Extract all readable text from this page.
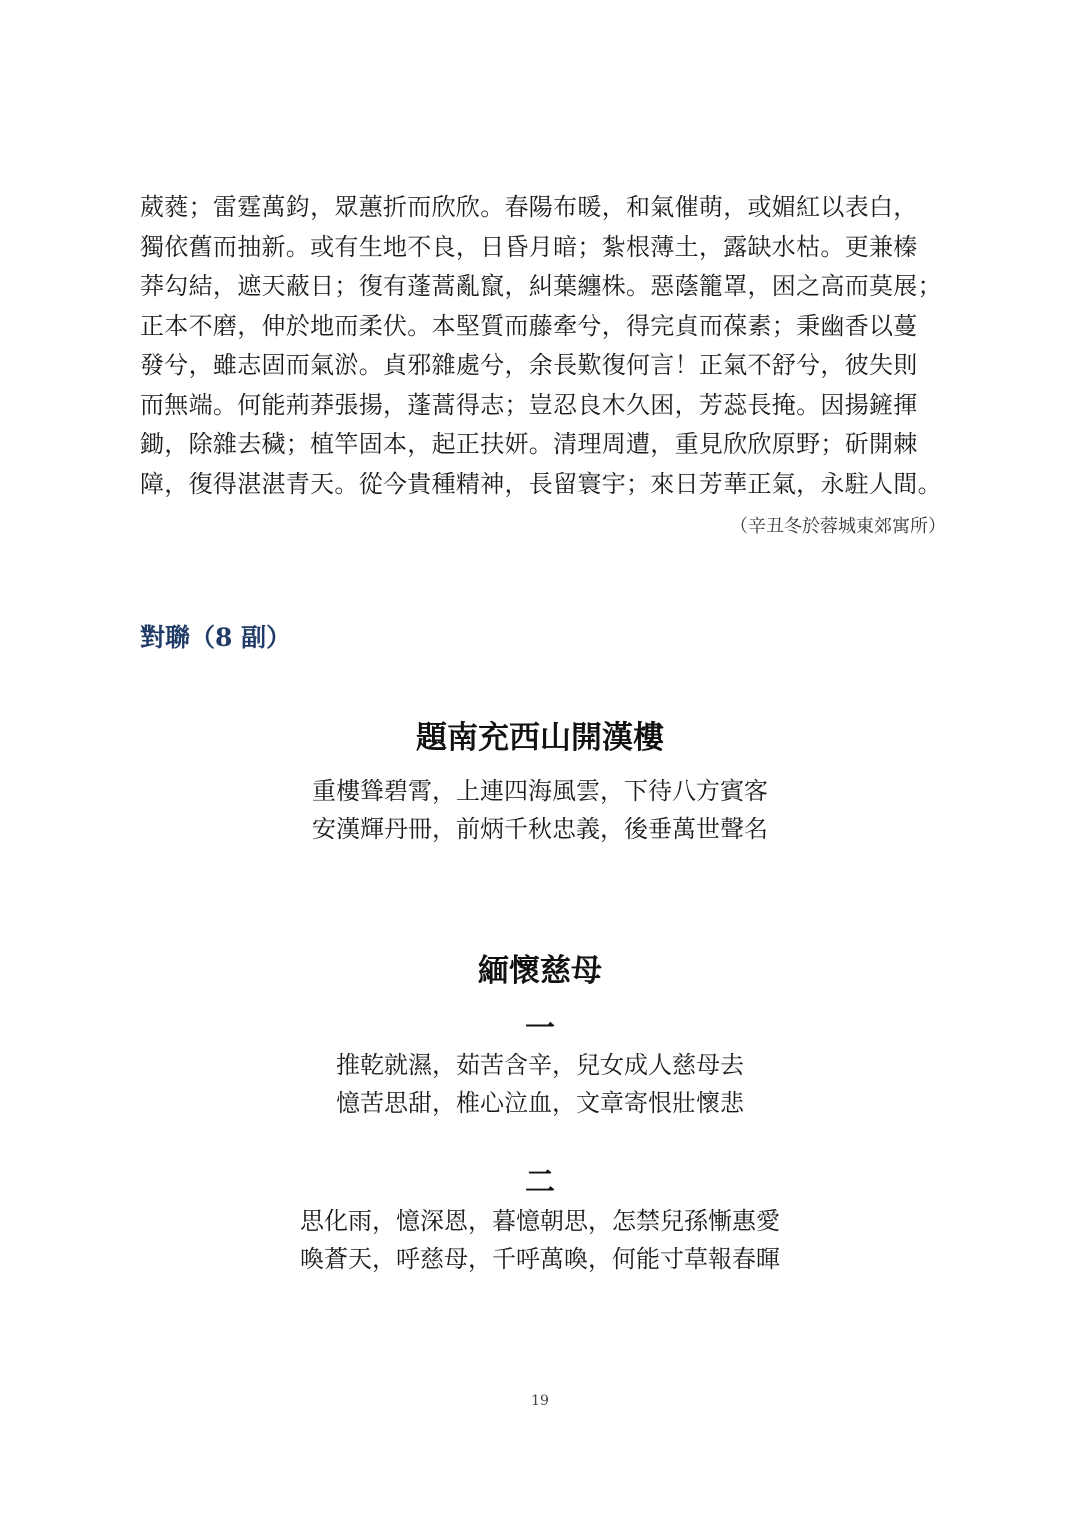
葳蕤；雷霆萬鈞，眾蕙折而欣欣。春陽布暖，和氣催萌，或媚紅以表白，
獨依舊而抽新。或有生地不良，日昏月暗；紮根薄土，露缺水枯。更兼榛
莽勾結，遮天蔽日；復有蓬蒿亂竄，糾葉纏株。惡蔭籠罩，困之高而莫展；
正本不磨，伸於地而柔伏。本堅質而藤牽兮，得完貞而葆素；秉幽香以蔓
發兮，雖志固而氣淤。貞邪雜處兮，余長歎復何言！正氣不舒兮，彼失則
而無端。何能荊莽張揚，蓬蒿得志；豈忍良木久困，芳蕊長掩。因揚鏟揮
鋤，除雜去穢；植竿固本，起正扶妍。清理周遭，重見欣欣原野；斫開棘
障，復得湛湛青天。從今貴種精神，長留寰宇；來日芳華正氣，永駐人間。
（辛丑冬於蓉城東郊寓所）
對聯（8 副）
題南充西山開漢樓
重樓聳碧霄，上連四海風雲，下待八方賓客
安漢輝丹冊，前炳千秋忠義，後垂萬世聲名
緬懷慈母
一
推乾就濕，茹苦含辛，兒女成人慈母去
憶苦思甜，椎心泣血，文章寄恨壯懷悲
二
思化雨，憶深恩，暮憶朝思，怎禁兒孫慚惠愛
喚蒼天，呼慈母，千呼萬喚，何能寸草報春暉
19
